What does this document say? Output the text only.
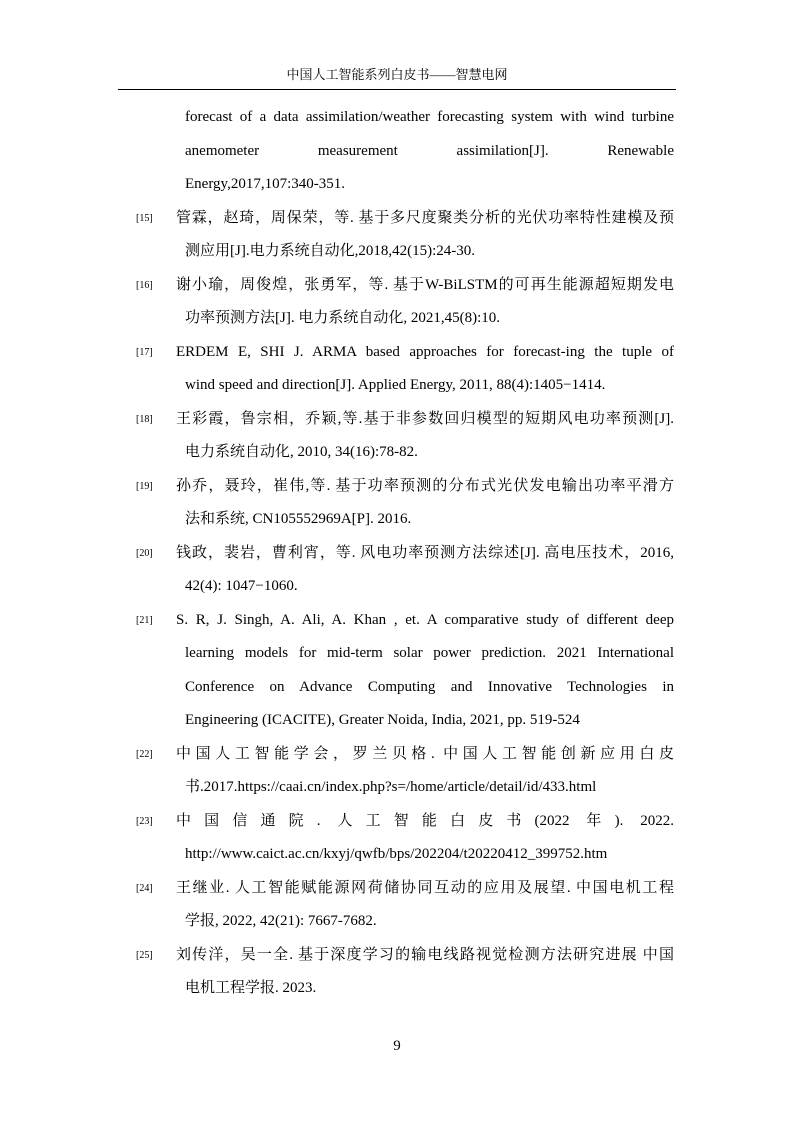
中国人工智能系列白皮书——智慧电网
forecast of a data assimilation/weather forecasting system with wind turbine
anemometer measurement assimilation[J]. Renewable
Energy,2017,107:340-351.
[15]	管霖，赵琦，周保荣，等. 基于多尺度聚类分析的光伏功率特性建模及预
测应用[J].电力系统自动化,2018,42(15):24-30.
[16]	谢小瑜，周俊煌，张勇军，等. 基于W-BiLSTM的可再生能源超短期发电
功率预测方法[J]. 电力系统自动化, 2021,45(8):10.
[17]	ERDEM E, SHI J. ARMA based approaches for forecast-ing the tuple of
wind speed and direction[J]. Applied Energy, 2011, 88(4):1405−1414.
[18]	王彩霞，鲁宗相，乔颖,等.基于非参数回归模型的短期风电功率预测[J].
电力系统自动化, 2010, 34(16):78-82.
[19]	孙乔，聂玲，崔伟,等. 基于功率预测的分布式光伏发电输出功率平滑方
法和系统, CN105552969A[P]. 2016.
[20]	钱政，裴岩，曹利宵，等. 风电功率预测方法综述[J]. 高电压技术，2016,
42(4): 1047−1060.
[21]	S. R, J. Singh, A. Ali, A. Khan , et. A comparative study of different deep
learning models for mid-term solar power prediction. 2021 International
Conference on Advance Computing and Innovative Technologies in
Engineering (ICACITE), Greater Noida, India, 2021, pp. 519-524
[22]	中国人工智能学会，罗兰贝格. 中国人工智能创新应用白皮
书.2017.https://caai.cn/index.php?s=/home/article/detail/id/433.html
[23]	中国信通院. 人工智能白皮书(2022 年). 2022.
http://www.caict.ac.cn/kxyj/qwfb/bps/202204/t20220412_399752.htm
[24]	王继业. 人工智能赋能源网荷储协同互动的应用及展望. 中国电机工程
学报, 2022, 42(21): 7667-7682.
[25]	刘传洋，吴一全. 基于深度学习的输电线路视觉检测方法研究进展 中国
电机工程学报. 2023.
9
